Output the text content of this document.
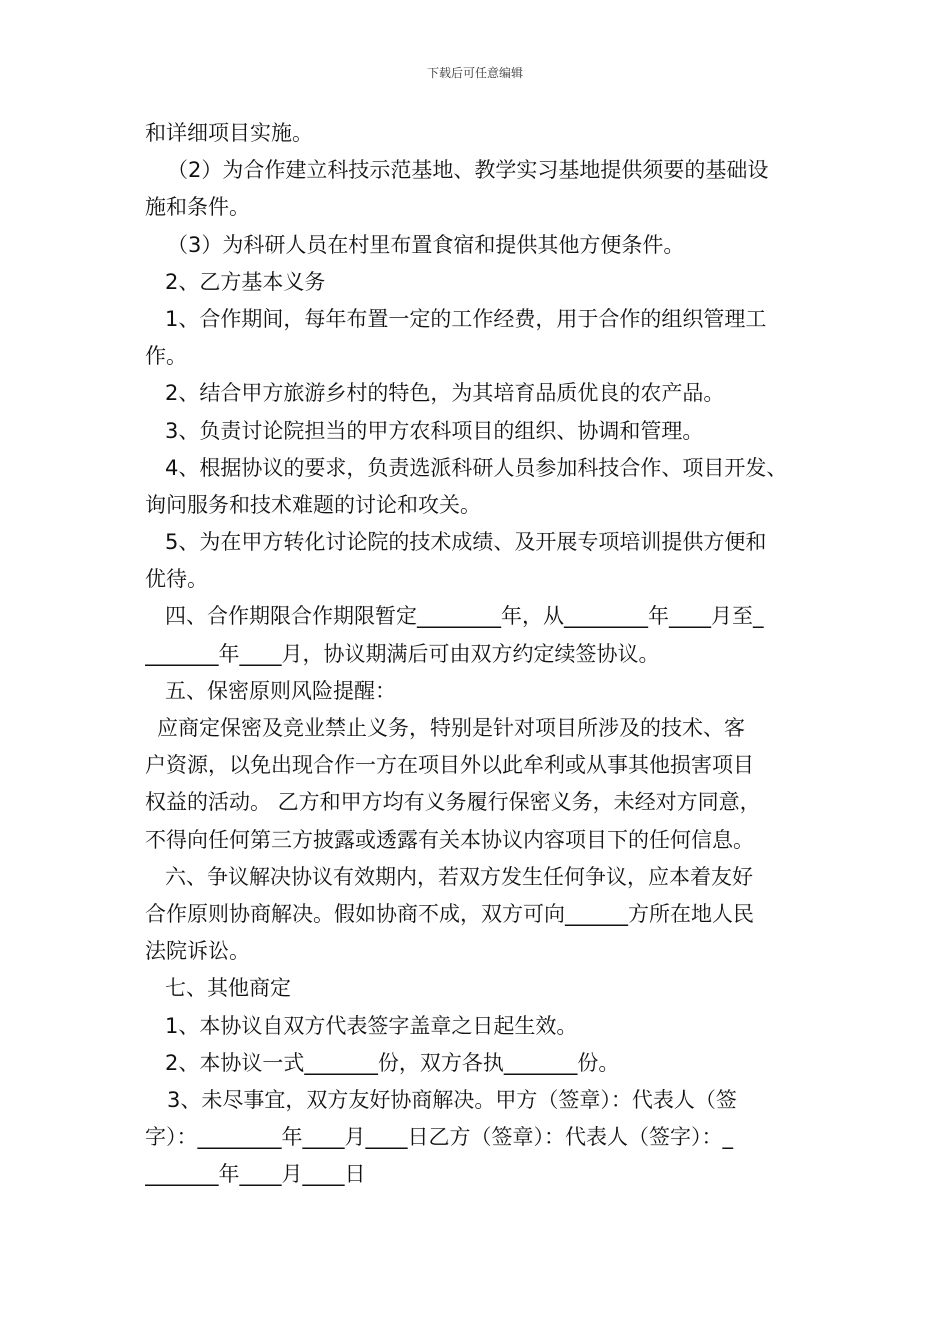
下载后可任意编辑
和详细项目实施。
（2）为合作建立科技示范基地、教学实习基地提供须要的基础设
施和条件。
（3）为科研人员在村里布置食宿和提供其他方便条件。
2、乙方基本义务
1、合作期间，每年布置一定的工作经费，用于合作的组织管理工
作。
2、结合甲方旅游乡村的特色，为其培育品质优良的农产品。
3、负责讨论院担当的甲方农科项目的组织、协调和管理。
4、根据协议的要求，负责选派科研人员参加科技合作、项目开发、
询问服务和技术难题的讨论和攻关。
5、为在甲方转化讨论院的技术成绩、及开展专项培训提供方便和
优待。
四、合作期限合作期限暂定________年，从________年____月至_
_______年____月，协议期满后可由双方约定续签协议。
五、保密原则风险提醒：
应商定保密及竞业禁止义务，特别是针对项目所涉及的技术、客
户资源，以免出现合作一方在项目外以此牟利或从事其他损害项目
权益的活动。 乙方和甲方均有义务履行保密义务，未经对方同意，
不得向任何第三方披露或透露有关本协议内容项目下的任何信息。
六、争议解决协议有效期内，若双方发生任何争议，应本着友好
合作原则协商解决。假如协商不成，双方可向______方所在地人民
法院诉讼。
七、其他商定
1、本协议自双方代表签字盖章之日起生效。
2、本协议一式_______份，双方各执_______份。
3、未尽事宜，双方友好协商解决。甲方（签章）：代表人（签
字）：________年____月____日乙方（签章）：代表人（签字）：_
_______年____月____日
